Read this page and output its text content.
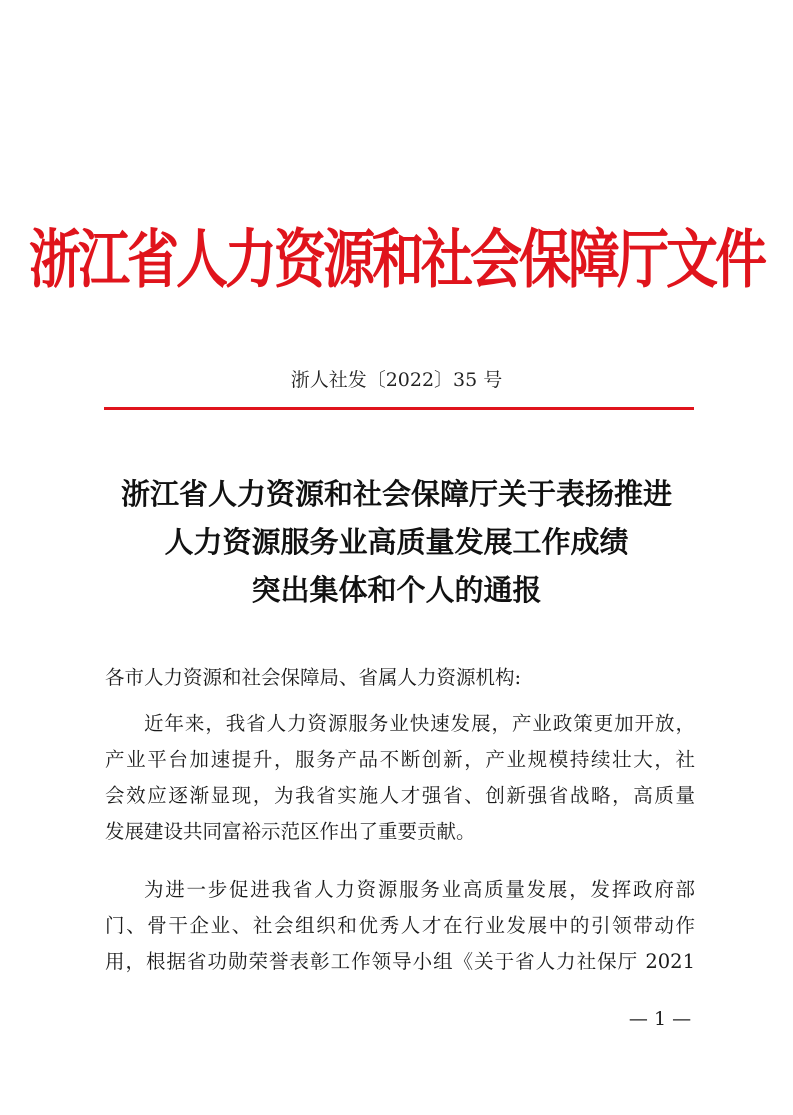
浙江省人力资源和社会保障厅文件
浙人社发〔2022〕35 号
浙江省人力资源和社会保障厅关于表扬推进
人力资源服务业高质量发展工作成绩
突出集体和个人的通报
各市人力资源和社会保障局、省属人力资源机构:
近年来，我省人力资源服务业快速发展，产业政策更加开放，
产业平台加速提升，服务产品不断创新，产业规模持续壮大，社
会效应逐渐显现，为我省实施人才强省、创新强省战略，高质量
发展建设共同富裕示范区作出了重要贡献。
为进一步促进我省人力资源服务业高质量发展，发挥政府部
门、骨干企业、社会组织和优秀人才在行业发展中的引领带动作
用，根据省功勋荣誉表彰工作领导小组《关于省人力社保厅 2021
— 1 —
